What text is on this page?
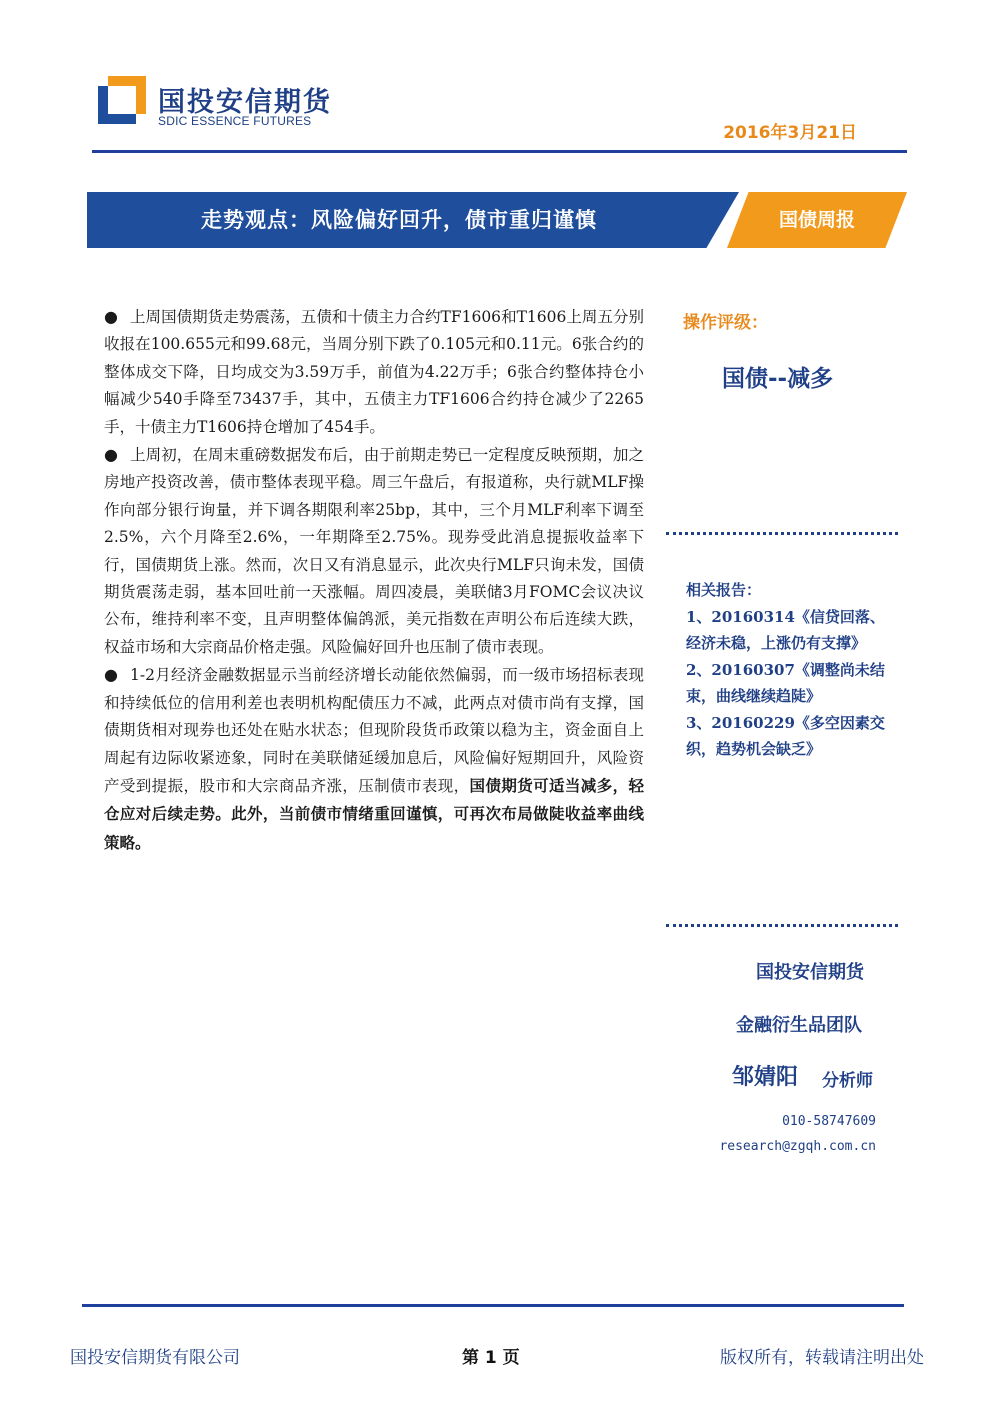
国投安信期货
SDIC ESSENCE FUTURES
2016年3月21日
走势观点：风险偏好回升，债市重归谨慎	国债周报

● 上周国债期货走势震荡，五债和十债主力合约TF1606和T1606上周五分别收报在100.655元和99.68元，当周分别下跌了0.105元和0.11元。6张合约的整体成交下降，日均成交为3.59万手，前值为4.22万手；6张合约整体持仓小幅减少540手降至73437手，其中，五债主力TF1606合约持仓减少了2265手，十债主力T1606持仓增加了454手。

● 上周初，在周末重磅数据发布后，由于前期走势已一定程度反映预期，加之房地产投资改善，债市整体表现平稳。周三午盘后，有报道称，央行就MLF操作向部分银行询量，并下调各期限利率25bp，其中，三个月MLF利率下调至2.5%，六个月降至2.6%，一年期降至2.75%。现券受此消息提振收益率下行，国债期货上涨。然而，次日又有消息显示，此次央行MLF只询未发，国债期货震荡走弱，基本回吐前一天涨幅。周四凌晨，美联储3月FOMC会议决议公布，维持利率不变，且声明整体偏鸽派，美元指数在声明公布后连续大跌，权益市场和大宗商品价格走强。风险偏好回升也压制了债市表现。

● 1-2月经济金融数据显示当前经济增长动能依然偏弱，而一级市场招标表现和持续低位的信用利差也表明机构配债压力不减，此两点对债市尚有支撑，国债期货相对现券也还处在贴水状态；但现阶段货币政策以稳为主，资金面自上周起有边际收紧迹象，同时在美联储延缓加息后，风险偏好短期回升，风险资产受到提振，股市和大宗商品齐涨，压制债市表现，国债期货可适当减多，轻仓应对后续走势。此外，当前债市情绪重回谨慎，可再次布局做陡收益率曲线策略。

操作评级：
国债--减多
相关报告：
1、20160314《信贷回落、经济未稳，上涨仍有支撑》
2、20160307《调整尚未结束，曲线继续趋陡》
3、20160229《多空因素交织，趋势机会缺乏》
国投安信期货
金融衍生品团队
邹婧阳 分析师
010-58747609
research@zgqh.com.cn
国投安信期货有限公司	第 1 页	版权所有，转载请注明出处
